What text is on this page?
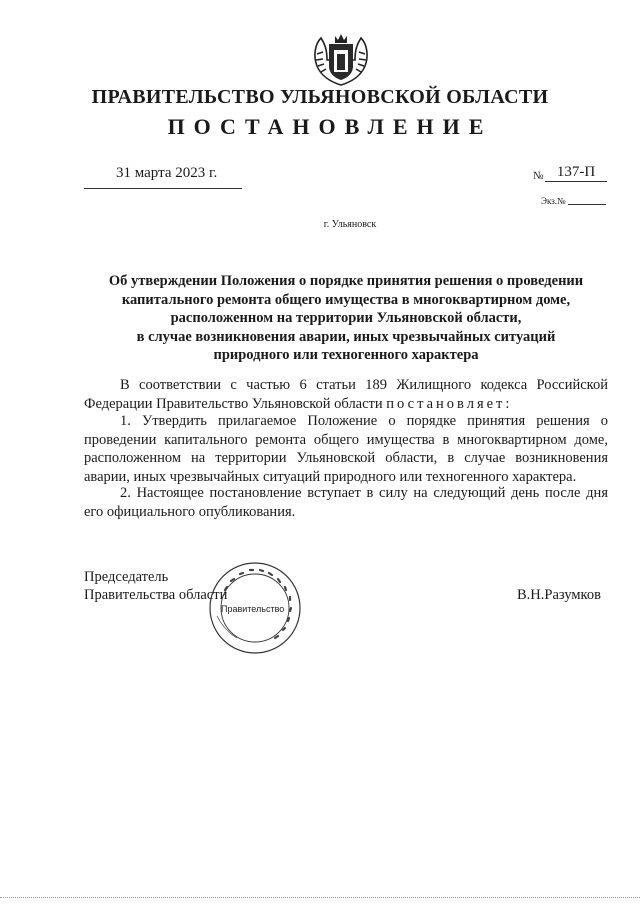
ПРАВИТЕЛЬСТВО УЛЬЯНОВСКОЙ ОБЛАСТИ
ПОСТАНОВЛЕНИЕ
31 марта 2023 г.	№ 137-П
Экз.№
г. Ульяновск
Об утверждении Положения о порядке принятия решения о проведении
капитального ремонта общего имущества в многоквартирном доме,
расположенном на территории Ульяновской области,
в случае возникновения аварии, иных чрезвычайных ситуаций
природного или техногенного характера

В соответствии с частью 6 статьи 189 Жилищного кодекса Российской Федерации Правительство Ульяновской области постановляет:

1. Утвердить прилагаемое Положение о порядке принятия решения о проведении капитального ремонта общего имущества в многоквартирном доме, расположенном на территории Ульяновской области, в случае возникновения аварии, иных чрезвычайных ситуаций природного или техногенного характера.

2. Настоящее постановление вступает в силу на следующий день после дня его официального опубликования.

Председатель
Правительства области	В.Н.Разумков
Правительство
